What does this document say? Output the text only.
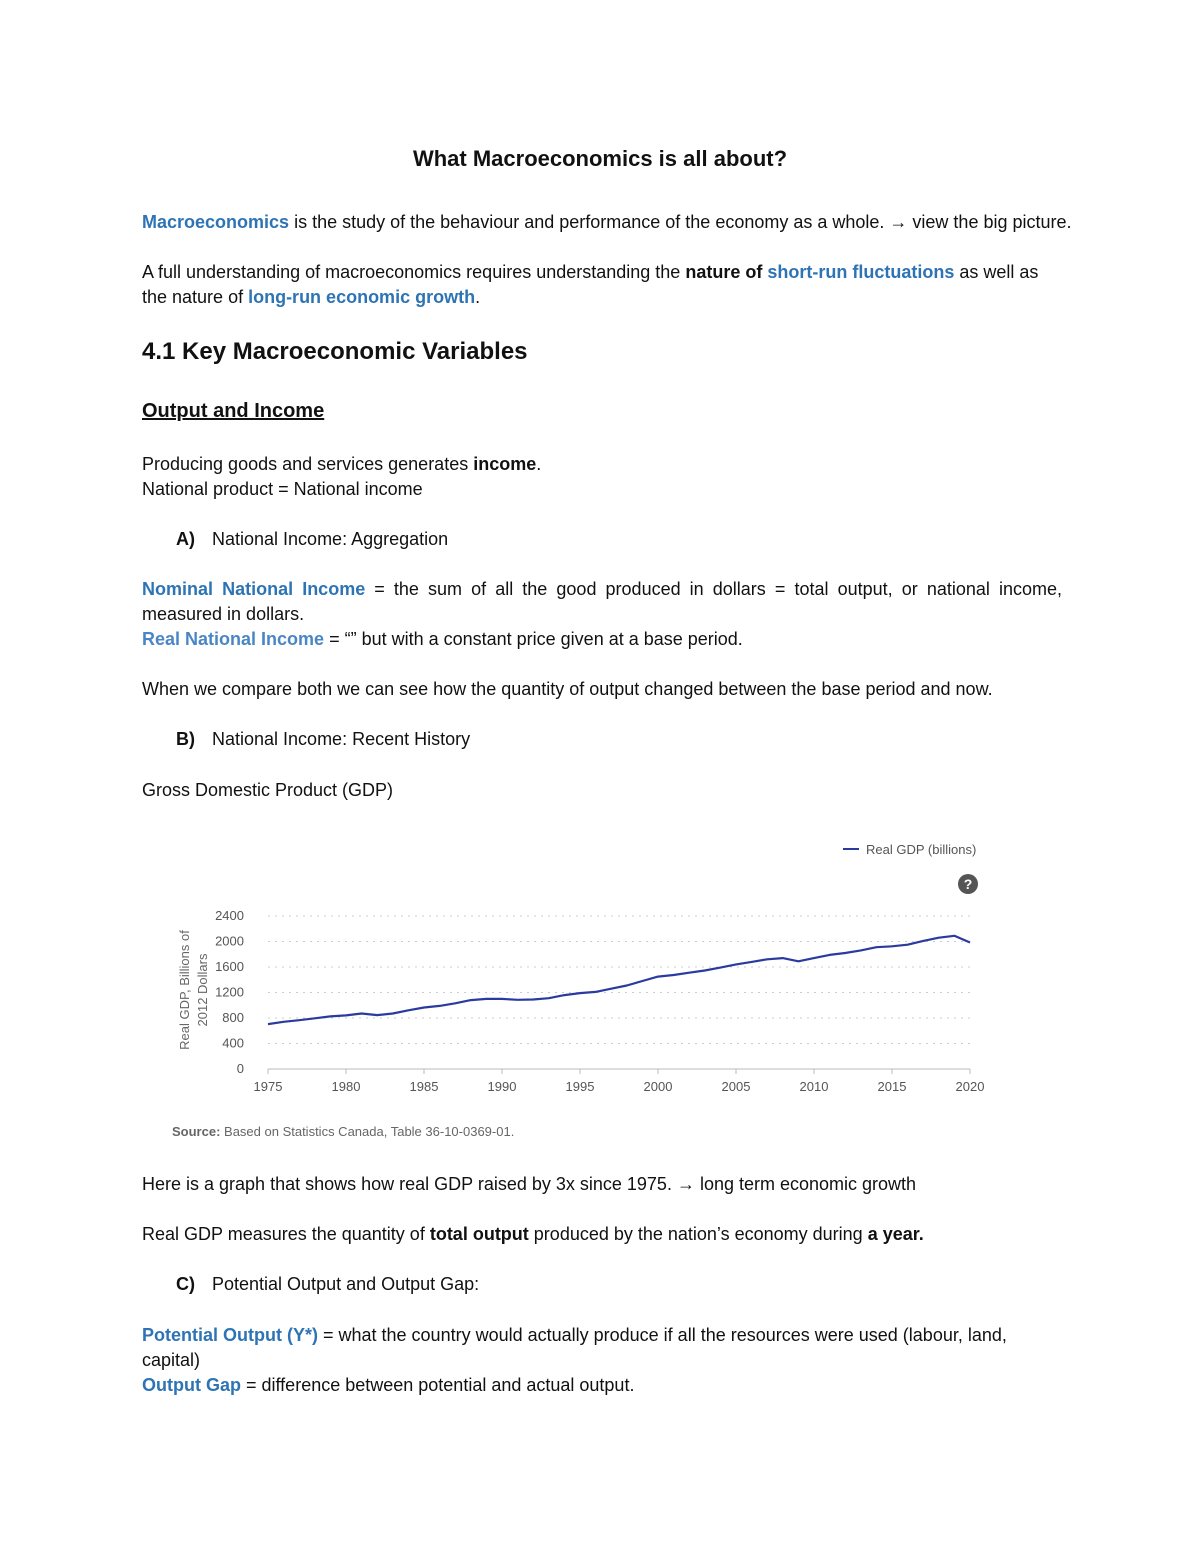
What Macroeconomics is all about?
Macroeconomics is the study of the behaviour and performance of the economy as a whole. → view the big picture.
A full understanding of macroeconomics requires understanding the nature of short-run fluctuations as well as the nature of long-run economic growth.
4.1 Key Macroeconomic Variables
Output and Income
Producing goods and services generates income.
National product = National income
A) National Income: Aggregation
Nominal National Income = the sum of all the good produced in dollars = total output, or national income, measured in dollars.
Real National Income = “” but with a constant price given at a base period.
When we compare both we can see how the quantity of output changed between the base period and now.
B) National Income: Recent History
Gross Domestic Product (GDP)
0
400
800
1200
1600
2000
2400
1975	1980	1985	1990	1995	2000	2005	2010	2015	2020
Real GDP, Billions of 2012 Dollars
Real GDP (billions)
?
Source: Based on Statistics Canada, Table 36-10-0369-01.
Here is a graph that shows how real GDP raised by 3x since 1975. → long term economic growth
Real GDP measures the quantity of total output produced by the nation’s economy during a year.
C) Potential Output and Output Gap:
Potential Output (Y*) = what the country would actually produce if all the resources were used (labour, land, capital)
Output Gap = difference between potential and actual output.
